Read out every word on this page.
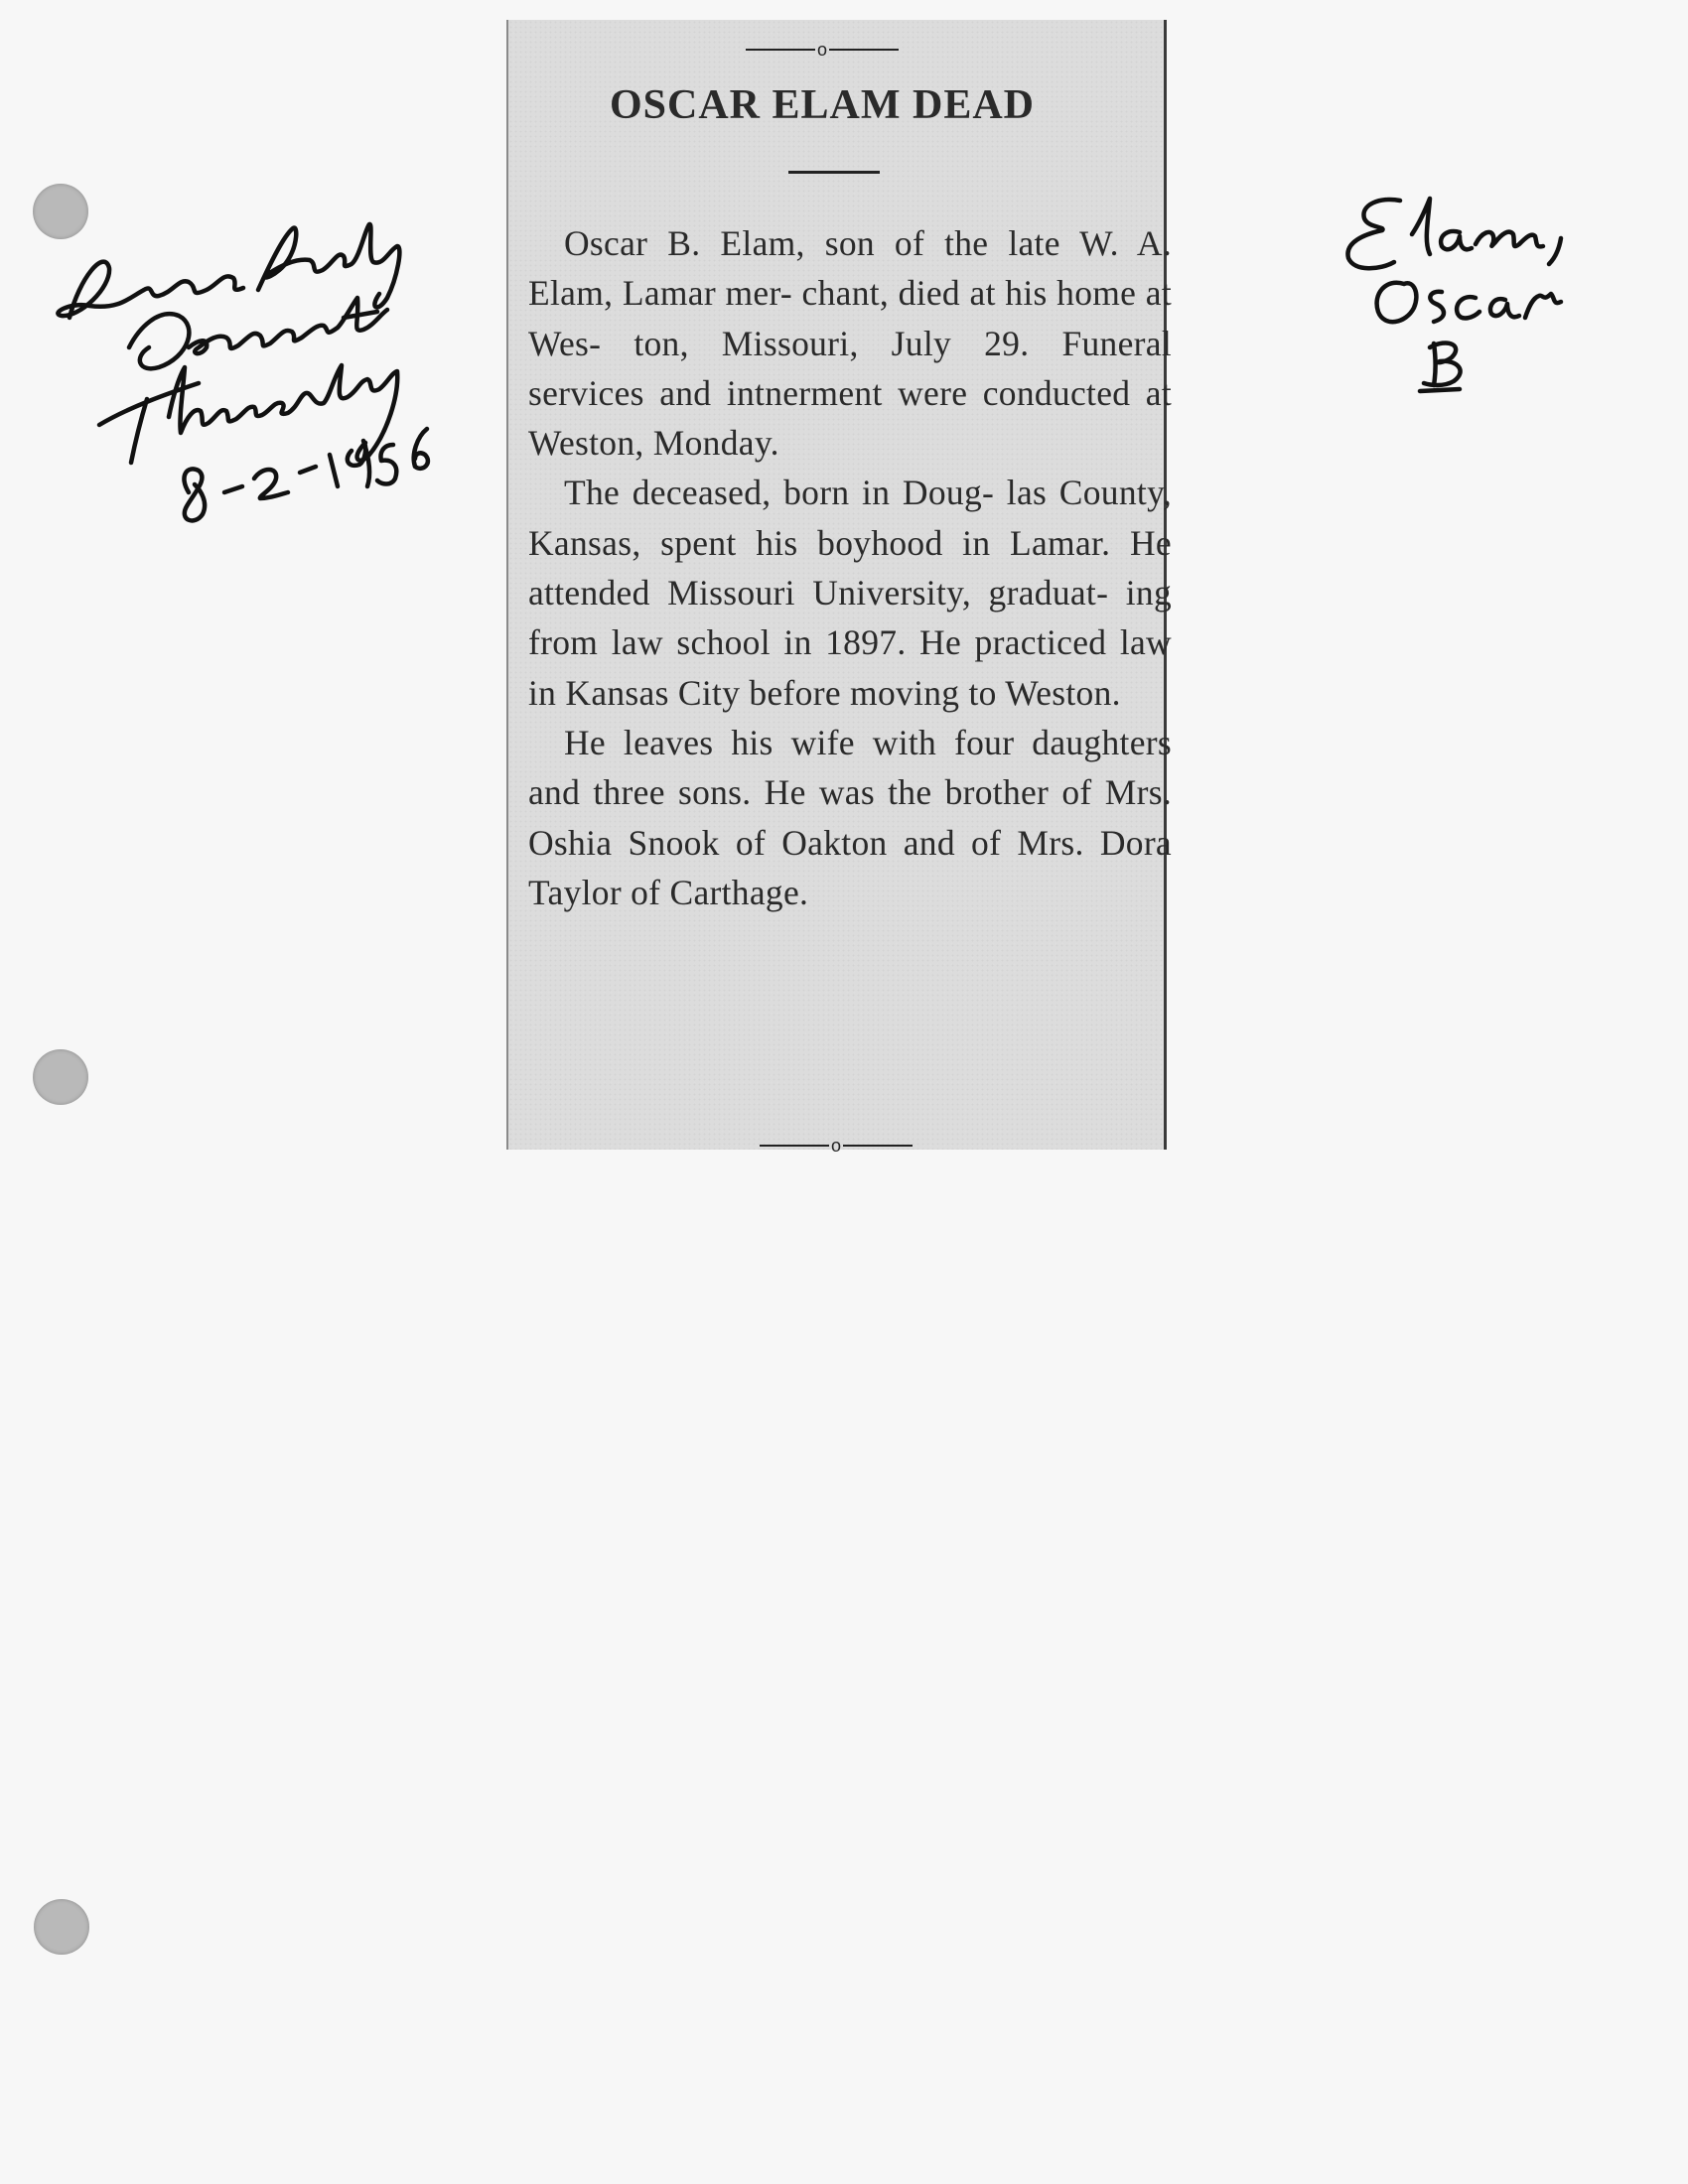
o
OSCAR ELAM DEAD

Oscar B. Elam, son of the late W. A. Elam, Lamar mer- chant, died at his home at Wes- ton, Missouri, July 29. Funeral services and intnerment were conducted at Weston, Monday.

The deceased, born in Doug- las County, Kansas, spent his boyhood in Lamar. He attended Missouri University, graduat- ing from law school in 1897. He practiced law in Kansas City before moving to Weston.

He leaves his wife with four daughters and three sons. He was the brother of Mrs. Oshia Snook of Oakton and of Mrs. Dora Taylor of Carthage.

o
